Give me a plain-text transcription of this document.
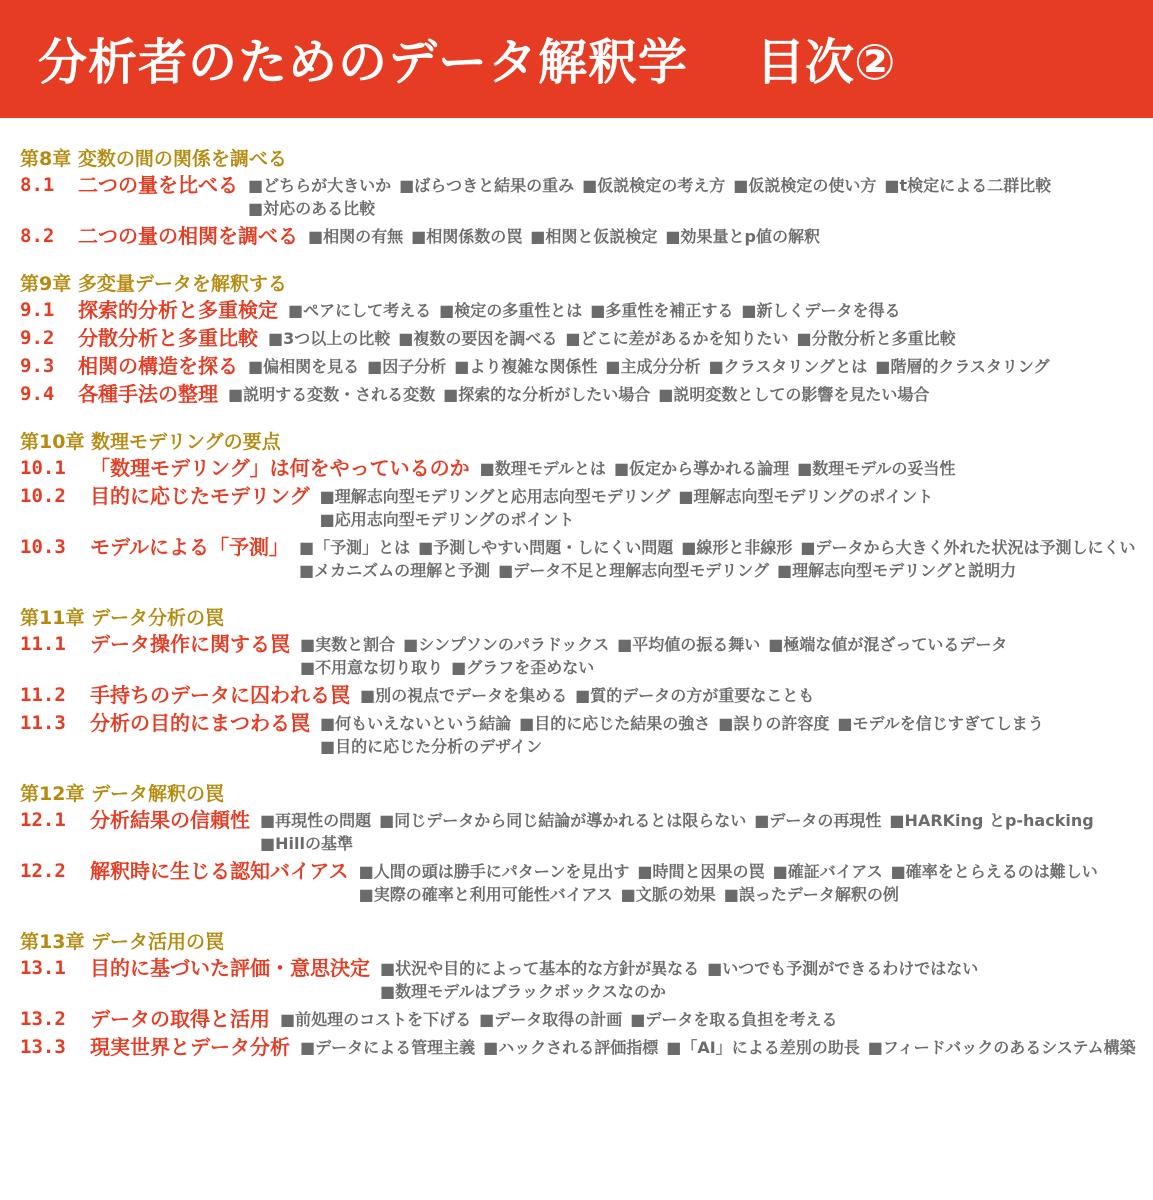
分析者のためのデータ解釈学 目次②
第8章 変数の間の関係を調べる
8.1	二つの量を比べる ■どちらが大きいか ■ばらつきと結果の重み ■仮説検定の考え方 ■仮説検定の使い方 ■t検定による二群比較■対応のある比較
8.2	二つの量の相関を調べる ■相関の有無 ■相関係数の罠 ■相関と仮説検定 ■効果量とp値の解釈
第9章 多変量データを解釈する
9.1	探索的分析と多重検定 ■ペアにして考える ■検定の多重性とは ■多重性を補正する ■新しくデータを得る
9.2	分散分析と多重比較 ■3つ以上の比較 ■複数の要因を調べる ■どこに差があるかを知りたい ■分散分析と多重比較
9.3	相関の構造を探る ■偏相関を見る ■因子分析 ■より複雑な関係性 ■主成分分析 ■クラスタリングとは ■階層的クラスタリング
9.4	各種手法の整理 ■説明する変数・される変数 ■探索的な分析がしたい場合 ■説明変数としての影響を見たい場合
第10章 数理モデリングの要点
10.1	「数理モデリング」は何をやっているのか ■数理モデルとは ■仮定から導かれる論理 ■数理モデルの妥当性
10.2	目的に応じたモデリング ■理解志向型モデリングと応用志向型モデリング ■理解志向型モデリングのポイント■応用志向型モデリングのポイント
10.3	モデルによる「予測」 ■「予測」とは ■予測しやすい問題・しにくい問題 ■線形と非線形 ■データから大きく外れた状況は予測しにくい■メカニズムの理解と予測 ■データ不足と理解志向型モデリング ■理解志向型モデリングと説明力
第11章 データ分析の罠
11.1	データ操作に関する罠 ■実数と割合 ■シンプソンのパラドックス ■平均値の振る舞い ■極端な値が混ざっているデータ■不用意な切り取り ■グラフを歪めない
11.2	手持ちのデータに囚われる罠 ■別の視点でデータを集める ■質的データの方が重要なことも
11.3	分析の目的にまつわる罠 ■何もいえないという結論 ■目的に応じた結果の強さ ■誤りの許容度 ■モデルを信じすぎてしまう■目的に応じた分析のデザイン
第12章 データ解釈の罠
12.1	分析結果の信頼性 ■再現性の問題 ■同じデータから同じ結論が導かれるとは限らない ■データの再現性 ■HARKing とp-hacking■Hillの基準
12.2	解釈時に生じる認知バイアス ■人間の頭は勝手にパターンを見出す ■時間と因果の罠 ■確証バイアス ■確率をとらえるのは難しい■実際の確率と利用可能性バイアス ■文脈の効果 ■誤ったデータ解釈の例
第13章 データ活用の罠
13.1	目的に基づいた評価・意思決定 ■状況や目的によって基本的な方針が異なる ■いつでも予測ができるわけではない■数理モデルはブラックボックスなのか
13.2	データの取得と活用 ■前処理のコストを下げる ■データ取得の計画 ■データを取る負担を考える
13.3	現実世界とデータ分析 ■データによる管理主義 ■ハックされる評価指標 ■「AI」による差別の助長 ■フィードバックのあるシステム構築
